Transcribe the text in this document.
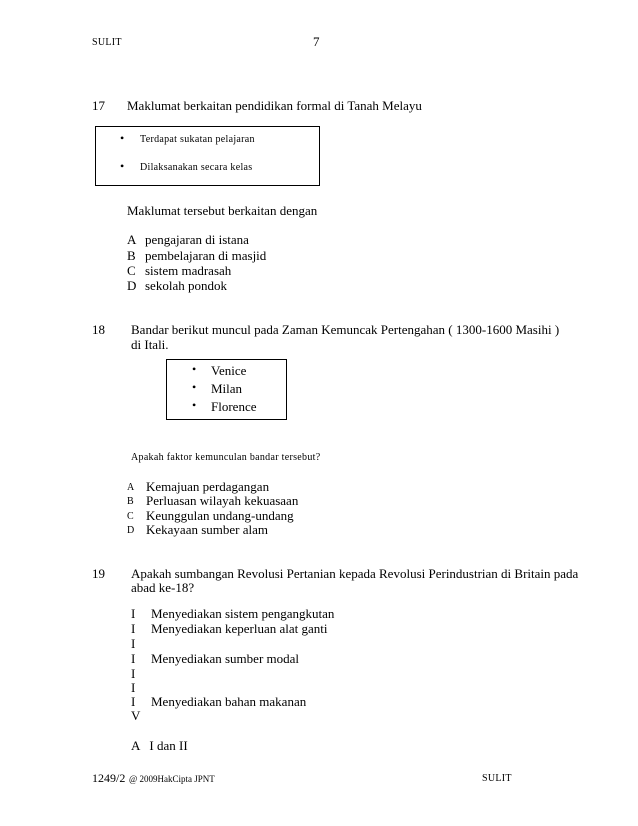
SULIT	7
17 Maklumat berkaitan pendidikan formal di Tanah Melayu
• Terdapat sukatan pelajaran
• Dilaksanakan secara kelas
Maklumat tersebut berkaitan dengan
A pengajaran di istana
B pembelajaran di masjid
C sistem madrasah
D sekolah pondok
18 Bandar berikut muncul pada Zaman Kemuncak Pertengahan ( 1300-1600 Masihi )
di Itali.
• Venice
• Milan
• Florence
Apakah faktor kemunculan bandar tersebut?
A Kemajuan perdagangan
B Perluasan wilayah kekuasaan
C Keunggulan undang-undang
D Kekayaan sumber alam
19 Apakah sumbangan Revolusi Pertanian kepada Revolusi Perindustrian di Britain pada
abad ke-18?
I
I
I
I
I
I
I
V
Menyediakan sistem pengangkutan
Menyediakan keperluan alat ganti
Menyediakan sumber modal
Menyediakan bahan makanan
A   I dan II
1249/2 @ 2009HakCipta JPNT	SULIT
